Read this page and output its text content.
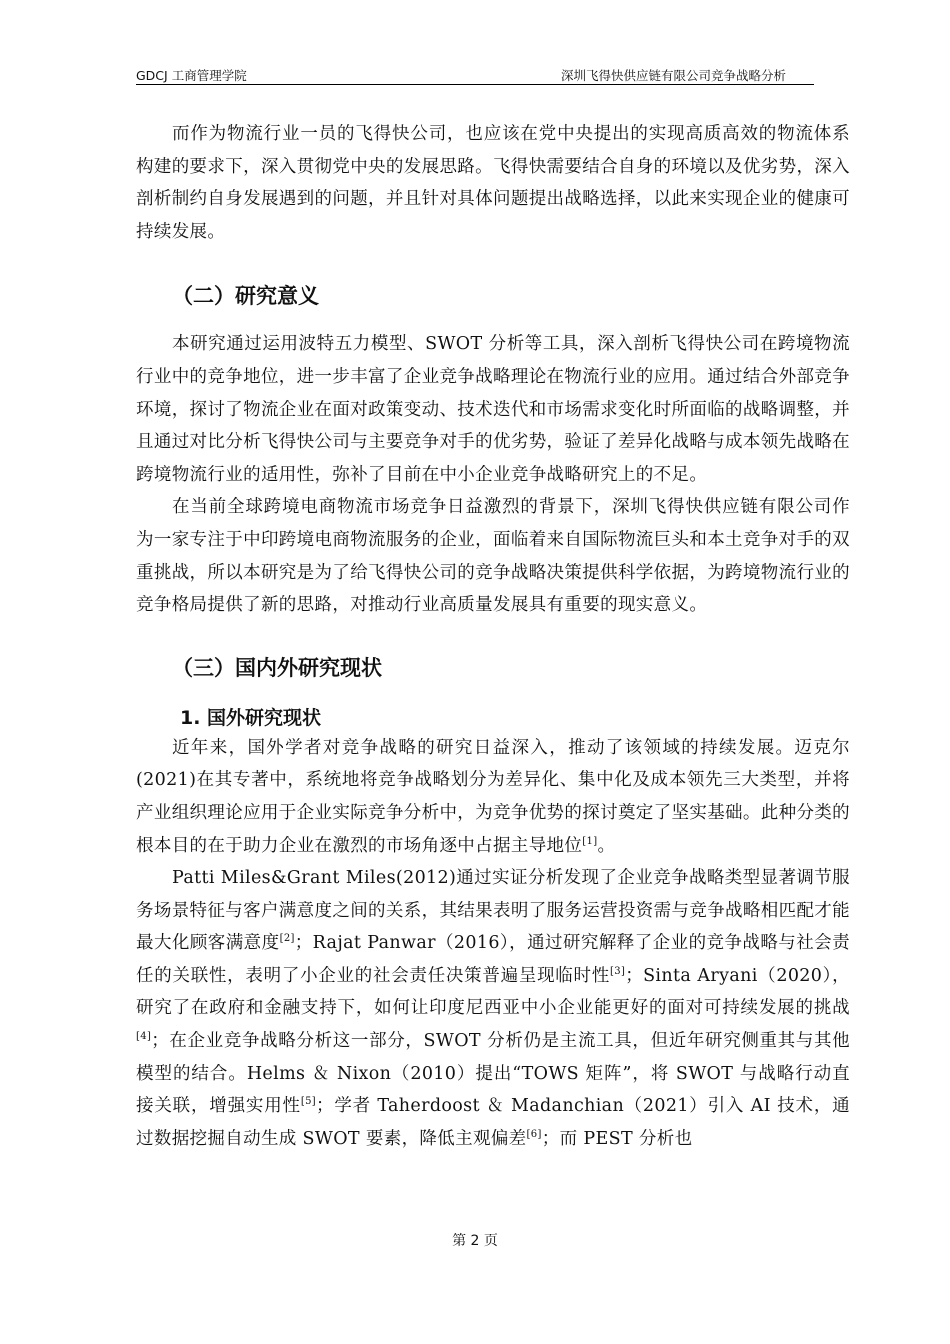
GDCJ 工商管理学院	深圳飞得快供应链有限公司竞争战略分析

而作为物流行业一员的飞得快公司，也应该在党中央提出的实现高质高效的物流体系构建的要求下，深入贯彻党中央的发展思路。飞得快需要结合自身的环境以及优劣势，深入剖析制约自身发展遇到的问题，并且针对具体问题提出战略选择，以此来实现企业的健康可持续发展。

（二）研究意义

本研究通过运用波特五力模型、SWOT 分析等工具，深入剖析飞得快公司在跨境物流行业中的竞争地位，进一步丰富了企业竞争战略理论在物流行业的应用。通过结合外部竞争环境，探讨了物流企业在面对政策变动、技术迭代和市场需求变化时所面临的战略调整，并且通过对比分析飞得快公司与主要竞争对手的优劣势，验证了差异化战略与成本领先战略在跨境物流行业的适用性，弥补了目前在中小企业竞争战略研究上的不足。

在当前全球跨境电商物流市场竞争日益激烈的背景下，深圳飞得快供应链有限公司作为一家专注于中印跨境电商物流服务的企业，面临着来自国际物流巨头和本土竞争对手的双重挑战，所以本研究是为了给飞得快公司的竞争战略决策提供科学依据，为跨境物流行业的竞争格局提供了新的思路，对推动行业高质量发展具有重要的现实意义。

（三）国内外研究现状
1. 国外研究现状

近年来，国外学者对竞争战略的研究日益深入，推动了该领域的持续发展。迈克尔(2021)在其专著中，系统地将竞争战略划分为差异化、集中化及成本领先三大类型，并将产业组织理论应用于企业实际竞争分析中，为竞争优势的探讨奠定了坚实基础。此种分类的根本目的在于助力企业在激烈的市场角逐中占据主导地位[1]。

Patti Miles&Grant Miles(2012)通过实证分析发现了企业竞争战略类型显著调节服务场景特征与客户满意度之间的关系，其结果表明了服务运营投资需与竞争战略相匹配才能最大化顾客满意度[2]；Rajat Panwar（2016），通过研究解释了企业的竞争战略与社会责任的关联性，表明了小企业的社会责任决策普遍呈现临时性[3]；Sinta Aryani（2020），研究了在政府和金融支持下，如何让印度尼西亚中小企业能更好的面对可持续发展的挑战[4]；在企业竞争战略分析这一部分，SWOT 分析仍是主流工具，但近年研究侧重其与其他模型的结合。Helms ＆ Nixon（2010）提出“TOWS 矩阵”，将 SWOT 与战略行动直接关联，增强实用性[5]；学者 Taherdoost ＆ Madanchian（2021）引入 AI 技术，通过数据挖掘自动生成 SWOT 要素，降低主观偏差[6]；而 PEST 分析也

第 2 页
